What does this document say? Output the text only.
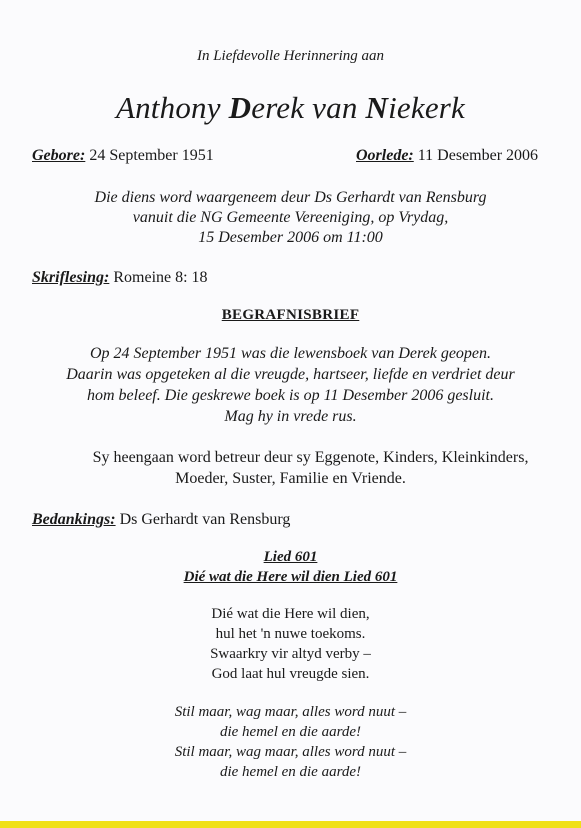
In Liefdevolle Herinnering aan

Anthony Derek van Niekerk

Gebore: 24 September 1951	Oorlede: 11 Desember 2006

Die diens word waargeneem deur Ds Gerhardt van Rensburg

vanuit die NG Gemeente Vereeniging, op Vrydag,

15 Desember 2006 om 11:00

Skriflesing: Romeine 8: 18

BEGRAFNISBRIEF

Op 24 September 1951 was die lewensboek van Derek geopen.

Daarin was opgeteken al die vreugde, hartseer, liefde en verdriet deur

hom beleef. Die geskrewe boek is op 11 Desember 2006 gesluit.

Mag hy in vrede rus.

Sy heengaan word betreur deur sy Eggenote, Kinders, Kleinkinders,

Moeder, Suster, Familie en Vriende.

Bedankings: Ds Gerhardt van Rensburg

Lied 601

Dié wat die Here wil dien Lied 601

Dié wat die Here wil dien,

hul het 'n nuwe toekoms.

Swaarkry vir altyd verby –

God laat hul vreugde sien.

Stil maar, wag maar, alles word nuut –

die hemel en die aarde!

Stil maar, wag maar, alles word nuut –

die hemel en die aarde!
